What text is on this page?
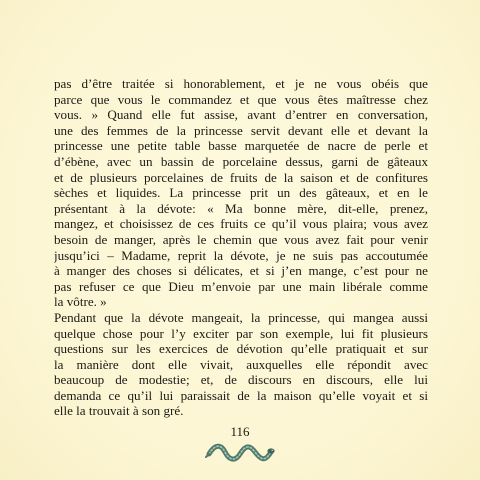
pas d’être traitée si honorablement, et je ne vous obéis que
parce que vous le commandez et que vous êtes maîtresse chez
vous. » Quand elle fut assise, avant d’entrer en conversation,
une des femmes de la princesse servit devant elle et devant la
princesse une petite table basse marquetée de nacre de perle et
d’ébène, avec un bassin de porcelaine dessus, garni de gâteaux
et de plusieurs porcelaines de fruits de la saison et de confitures
sèches et liquides. La princesse prit un des gâteaux, et en le
présentant à la dévote: « Ma bonne mère, dit-elle, prenez,
mangez, et choisissez de ces fruits ce qu’il vous plaira; vous avez
besoin de manger, après le chemin que vous avez fait pour venir
jusqu’ici – Madame, reprit la dévote, je ne suis pas accoutumée
à manger des choses si délicates, et si j’en mange, c’est pour ne
pas refuser ce que Dieu m’envoie par une main libérale comme
la vôtre. »
Pendant que la dévote mangeait, la princesse, qui mangea aussi
quelque chose pour l’y exciter par son exemple, lui fit plusieurs
questions sur les exercices de dévotion qu’elle pratiquait et sur
la manière dont elle vivait, auxquelles elle répondit avec
beaucoup de modestie; et, de discours en discours, elle lui
demanda ce qu’il lui paraissait de la maison qu’elle voyait et si
elle la trouvait à son gré.
116
